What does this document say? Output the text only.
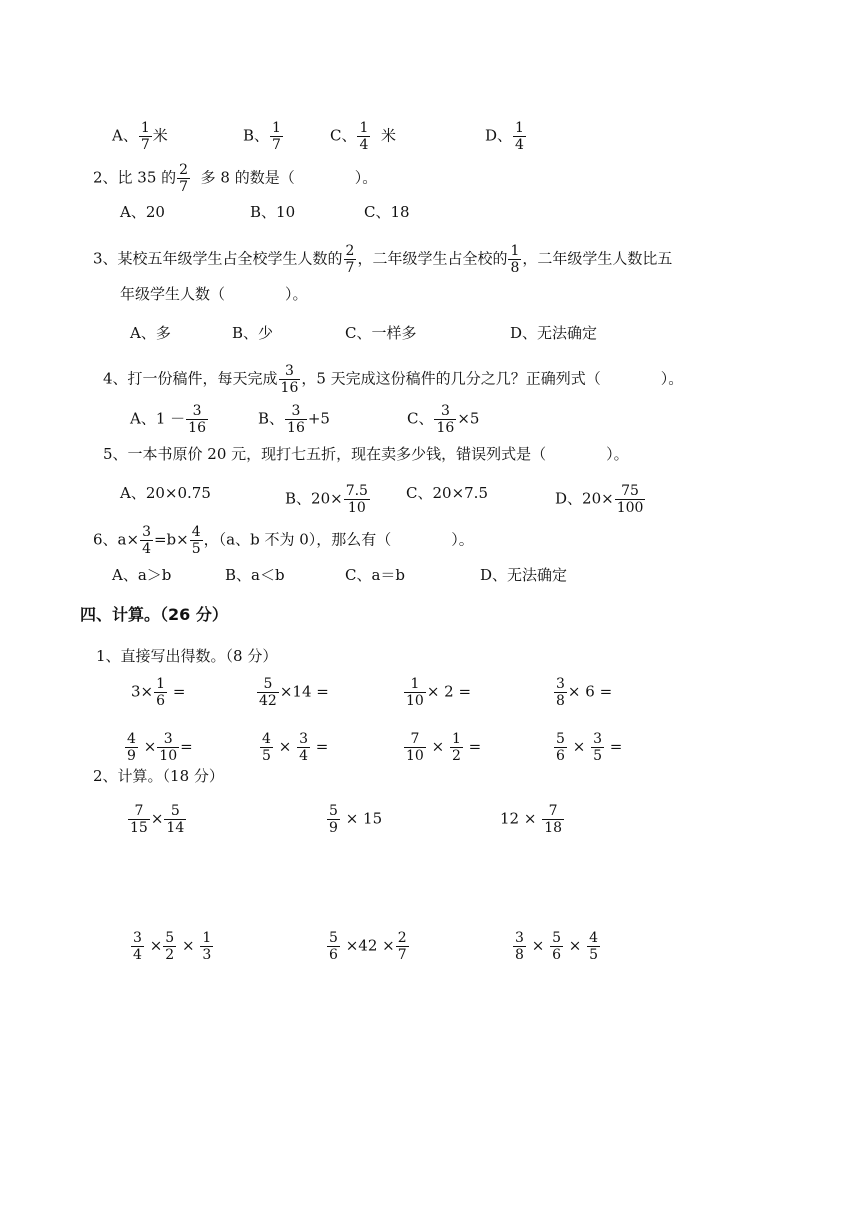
A、 $\frac{1}{7}$ 米	B、 $\frac{1}{7}$	C、 $\frac{1}{4}$ 米	D、 $\frac{1}{4}$
2、比 35 的 $\frac{2}{7}$ 多 8 的数是（　　　　）。
A、20	B、10	C、18
3、某校五年级学生占全校学生人数的 $\frac{2}{7}$ ，二年级学生占全校的 $\frac{1}{8}$ ，二年级学生人数比五
年级学生人数（　　　　）。
A、多	B、少	C、一样多	D、无法确定
4、打一份稿件，每天完成 $\frac{3}{16}$ ，5 天完成这份稿件的几分之几？正确列式（　　　　）。
A、$1 - \frac{3}{16}$	B、 $\frac{3}{16} +5$	C、 $\frac{3}{16} \times 5$
5、一本书原价 20 元，现打七五折，现在卖多少钱，错误列式是（　　　　）。
A、20×0.75	B、$20\times \frac{7.5}{10}$ C、20×7.5	D、$20\times \frac{75}{100}$
6、$a\times \frac{3}{4} =b\times \frac{4}{5}$ ，（a、b 不为 0），那么有（　　　　）。
A、a＞b	B、a＜b	C、a＝b	D、无法确定
四、计算。（26 分）
1、直接写出得数。（8 分）
$3\times \frac{1}{6}$ =	$\frac{5}{42} \times 14$ =	$\frac{1}{10} \times 2$ =	$\frac{3}{8} \times 6$ =
$\frac{4}{9} \times \frac{3}{10}$ =	$\frac{4}{5} \times \frac{3}{4}$ =	$\frac{7}{10} \times \frac{1}{2}$ =	$\frac{5}{6} \times \frac{3}{5}$ =
2、计算。（18 分）
$\frac{7}{15} \times \frac{5}{14}$	$\frac{5}{9} \times 15$	$12 \times \frac{7}{18}$
$\frac{3}{4} \times \frac{5}{2} \times \frac{1}{3}$	$\frac{5}{6} \times 42 \times \frac{2}{7}$	$\frac{3}{8} \times \frac{5}{6} \times \frac{4}{5}$
